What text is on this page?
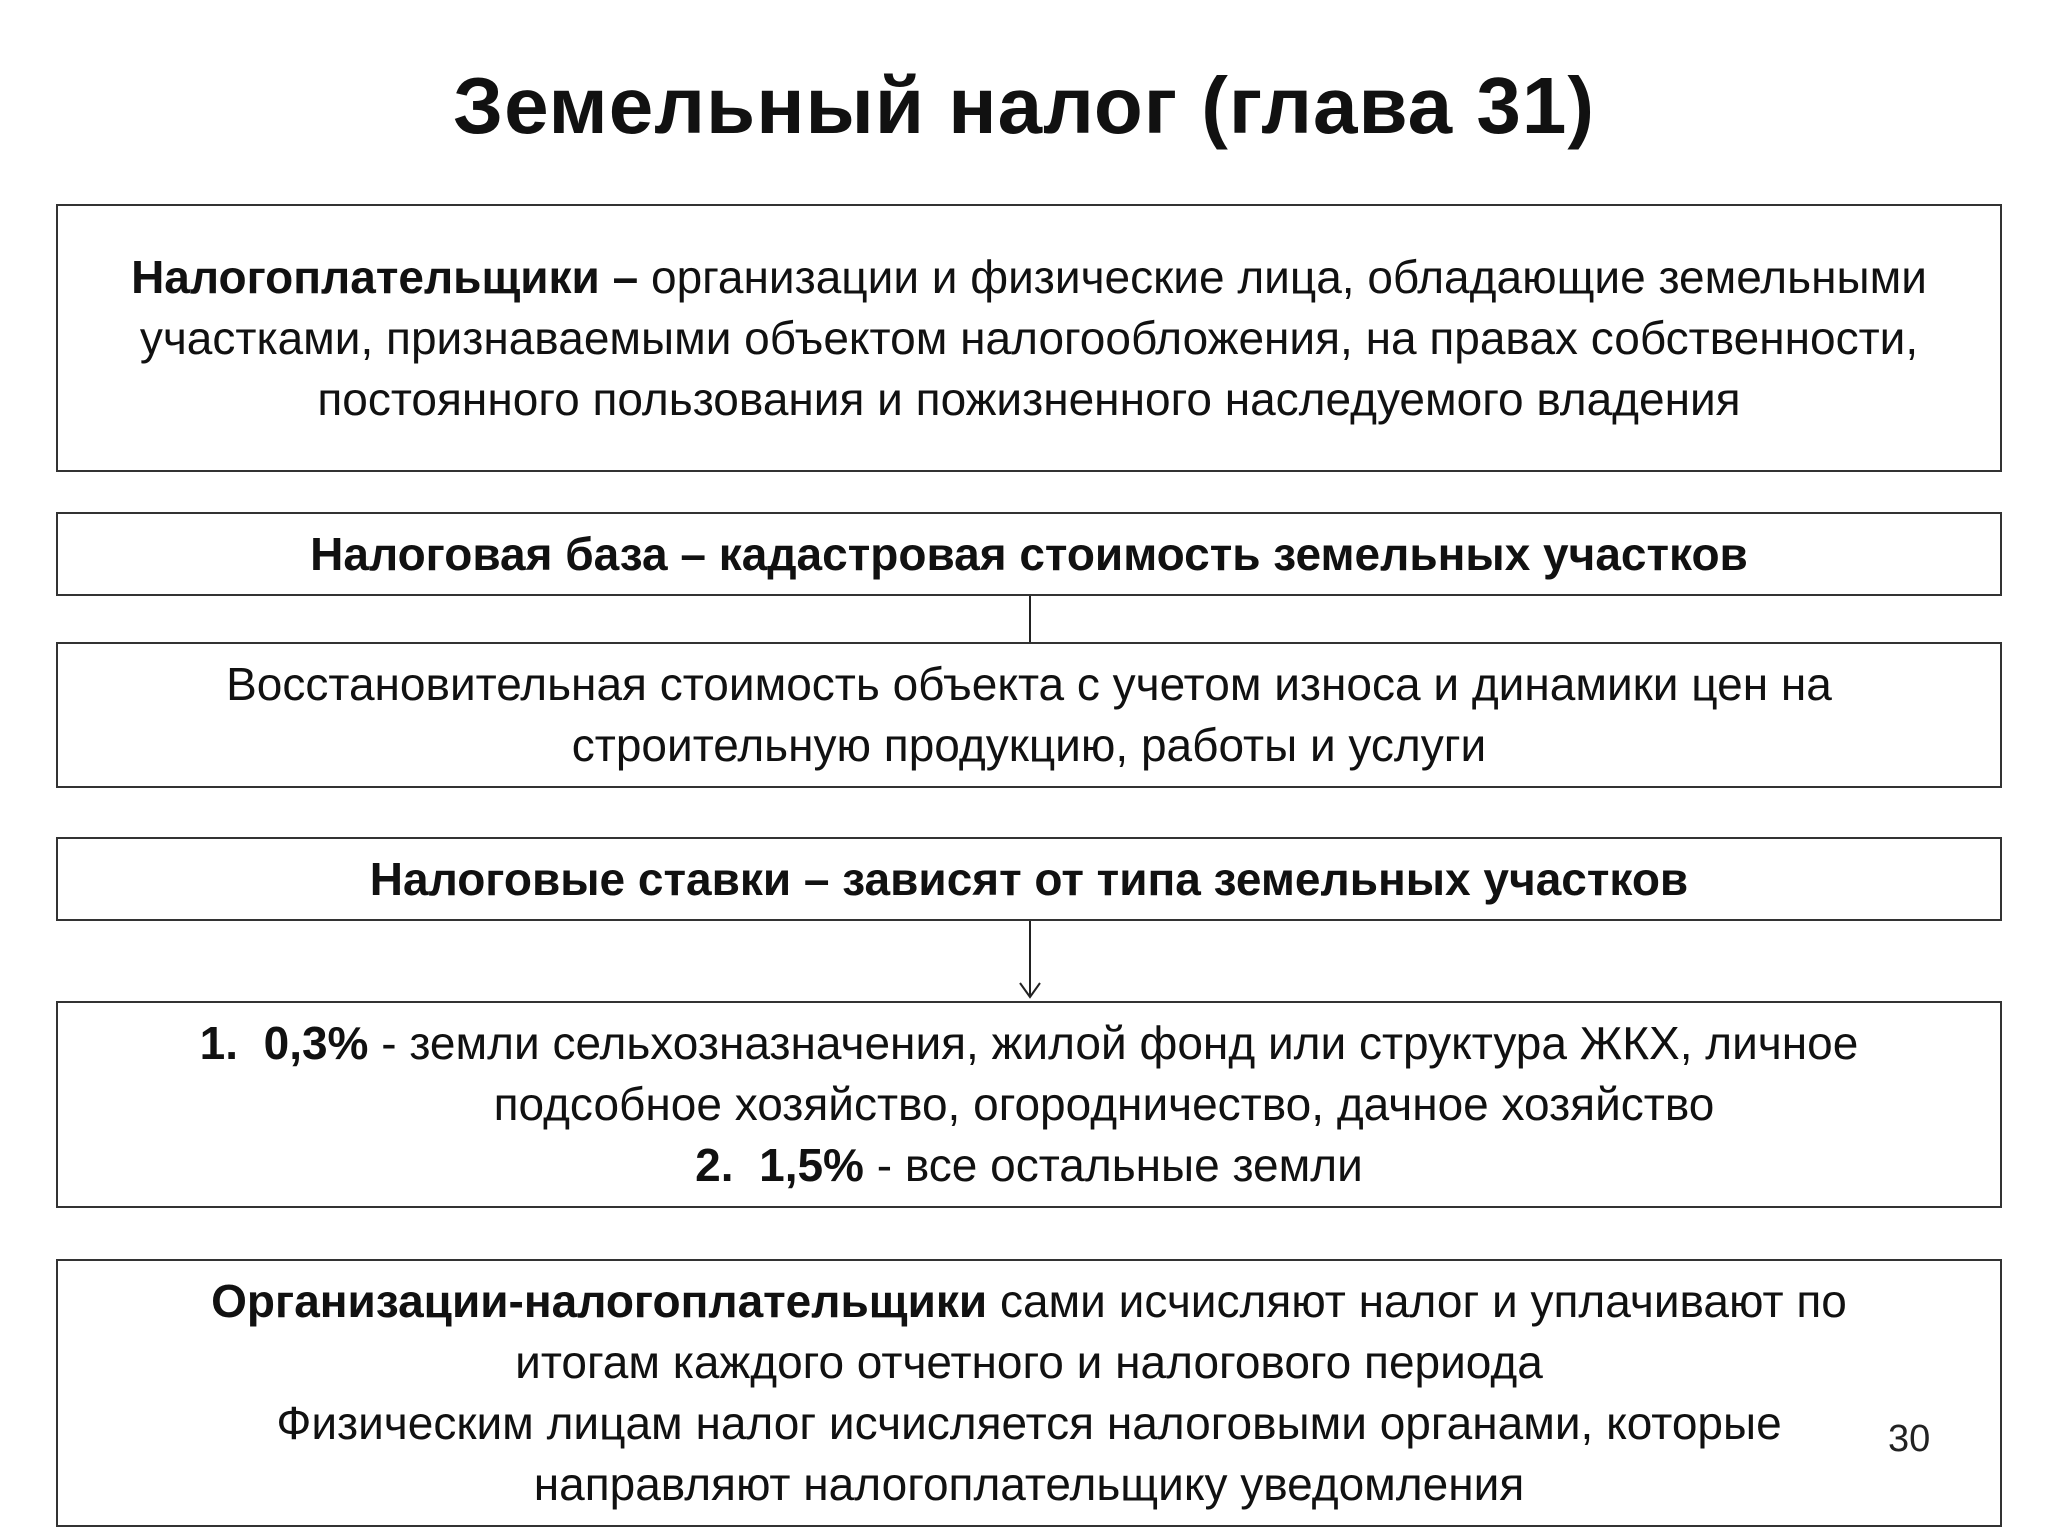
Земельный налог (глава 31)

Налогоплательщики – организации и физические лица, обладающие земельными участками, признаваемыми объектом налогообложения, на правах собственности, постоянного пользования и пожизненного наследуемого владения

Налоговая база – кадастровая стоимость земельных участков

Восстановительная стоимость объекта с учетом износа и динамики цен на строительную продукцию, работы и услуги

Налоговые ставки – зависят от типа земельных участков

1. 0,3% - земли сельхозназначения, жилой фонд или структура ЖКХ, личное
подсобное хозяйство, огородничество, дачное хозяйство
2. 1,5% - все остальные земли

Организации-налогоплательщики сами исчисляют налог и уплачивают по

итогам каждого отчетного и налогового периода

Физическим лицам налог исчисляется налоговыми органами, которые

направляют налогоплательщику уведомления

30
